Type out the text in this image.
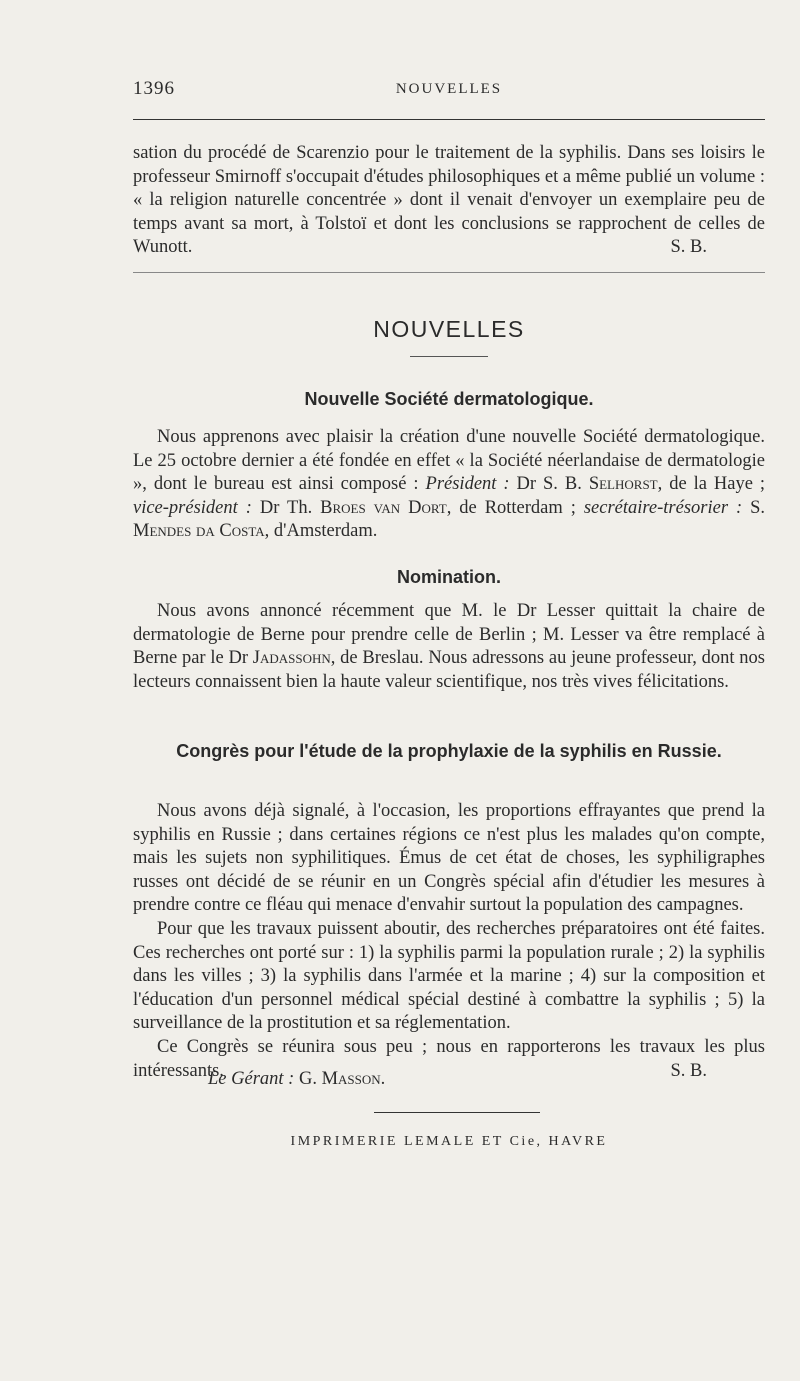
1396	NOUVELLES

sation du procédé de Scarenzio pour le traitement de la syphilis. Dans ses loisirs le professeur Smirnoff s'occupait d'études philosophiques et a même publié un volume : « la religion naturelle concentrée » dont il venait d'envoyer un exemplaire peu de temps avant sa mort, à Tolstoï et dont les conclusions se rapprochent de celles de Wunott.	S. B.

NOUVELLES
Nouvelle Société dermatologique.

Nous apprenons avec plaisir la création d'une nouvelle Société dermatologique. Le 25 octobre dernier a été fondée en effet « la Société néerlandaise de dermatologie », dont le bureau est ainsi composé : Président : Dr S. B. Selhorst, de la Haye ; vice-président : Dr Th. Broes van Dort, de Rotterdam ; secrétaire-trésorier : S. Mendes da Costa, d'Amsterdam.

Nomination.

Nous avons annoncé récemment que M. le Dr Lesser quittait la chaire de dermatologie de Berne pour prendre celle de Berlin ; M. Lesser va être remplacé à Berne par le Dr Jadassohn, de Breslau. Nous adressons au jeune professeur, dont nos lecteurs connaissent bien la haute valeur scientifique, nos très vives félicitations.

Congrès pour l'étude de la prophylaxie de la syphilis en Russie.

Nous avons déjà signalé, à l'occasion, les proportions effrayantes que prend la syphilis en Russie ; dans certaines régions ce n'est plus les malades qu'on compte, mais les sujets non syphilitiques. Émus de cet état de choses, les syphiligraphes russes ont décidé de se réunir en un Congrès spécial afin d'étudier les mesures à prendre contre ce fléau qui menace d'envahir surtout la population des campagnes.

Pour que les travaux puissent aboutir, des recherches préparatoires ont été faites. Ces recherches ont porté sur : 1) la syphilis parmi la population rurale ; 2) la syphilis dans les villes ; 3) la syphilis dans l'armée et la marine ; 4) sur la composition et l'éducation d'un personnel médical spécial destiné à combattre la syphilis ; 5) la surveillance de la prostitution et sa réglementation.

Ce Congrès se réunira sous peu ; nous en rapporterons les travaux les plus intéressants.	S. B.

Le Gérant : G. Masson.
IMPRIMERIE LEMALE ET Cie, HAVRE
